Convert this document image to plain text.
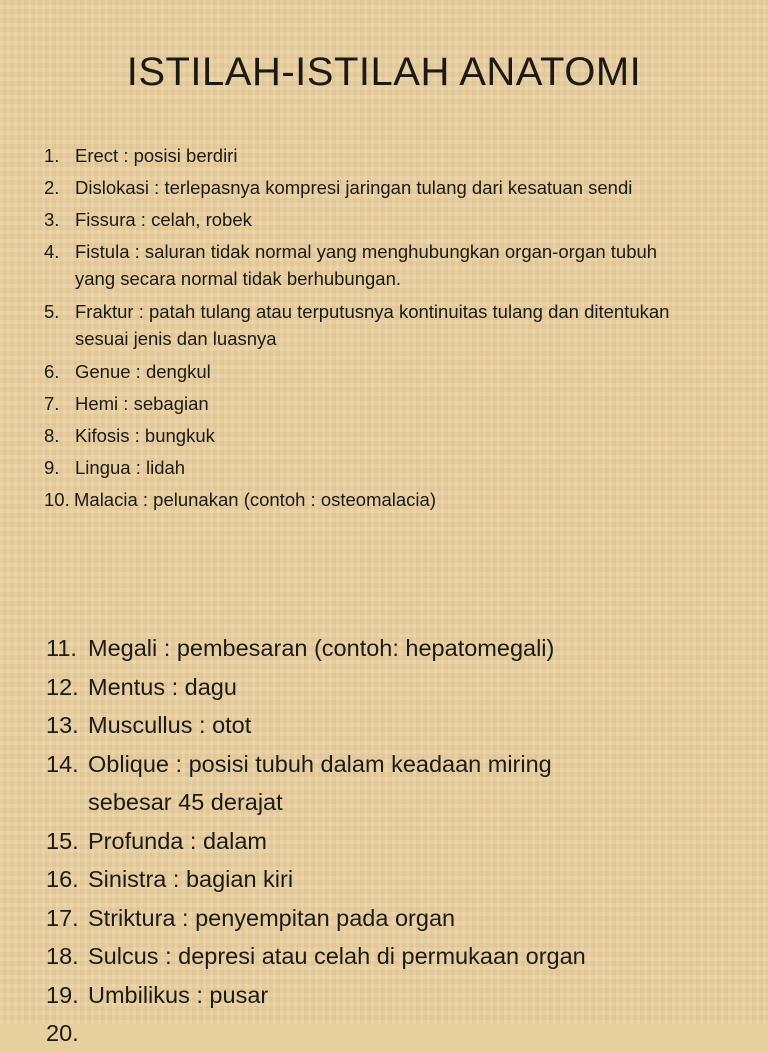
ISTILAH-ISTILAH ANATOMI
1. Erect : posisi berdiri
2. Dislokasi : terlepasnya kompresi jaringan tulang dari kesatuan sendi
3. Fissura : celah, robek
4. Fistula : saluran tidak normal yang menghubungkan organ-organ tubuh yang secara normal tidak berhubungan.
5. Fraktur : patah tulang atau terputusnya kontinuitas tulang dan ditentukan sesuai jenis dan luasnya
6. Genue : dengkul
7. Hemi : sebagian
8. Kifosis : bungkuk
9. Lingua : lidah
10. Malacia : pelunakan (contoh : osteomalacia)
11. Megali : pembesaran (contoh: hepatomegali)
12. Mentus : dagu
13. Muscullus : otot
14. Oblique : posisi tubuh dalam keadaan miring sebesar 45 derajat
15. Profunda : dalam
16. Sinistra : bagian kiri
17. Striktura : penyempitan pada organ
18. Sulcus : depresi atau celah di permukaan organ
19. Umbilikus : pusar
20.
